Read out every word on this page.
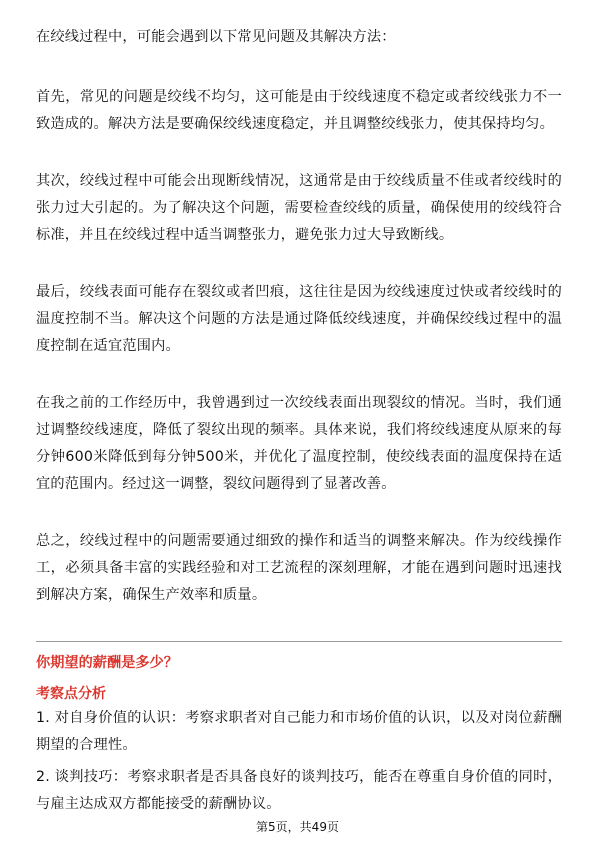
在绞线过程中，可能会遇到以下常见问题及其解决方法：

首先，常见的问题是绞线不均匀，这可能是由于绞线速度不稳定或者绞线张力不一致造成的。解决方法是要确保绞线速度稳定，并且调整绞线张力，使其保持均匀。

其次，绞线过程中可能会出现断线情况，这通常是由于绞线质量不佳或者绞线时的张力过大引起的。为了解决这个问题，需要检查绞线的质量，确保使用的绞线符合标准，并且在绞线过程中适当调整张力，避免张力过大导致断线。

最后，绞线表面可能存在裂纹或者凹痕，这往往是因为绞线速度过快或者绞线时的温度控制不当。解决这个问题的方法是通过降低绞线速度，并确保绞线过程中的温度控制在适宜范围内。

在我之前的工作经历中，我曾遇到过一次绞线表面出现裂纹的情况。当时，我们通过调整绞线速度，降低了裂纹出现的频率。具体来说，我们将绞线速度从原来的每分钟600米降低到每分钟500米，并优化了温度控制，使绞线表面的温度保持在适宜的范围内。经过这一调整，裂纹问题得到了显著改善。

总之，绞线过程中的问题需要通过细致的操作和适当的调整来解决。作为绞线操作工，必须具备丰富的实践经验和对工艺流程的深刻理解，才能在遇到问题时迅速找到解决方案，确保生产效率和质量。

你期望的薪酬是多少？

考察点分析

1. 对自身价值的认识：考察求职者对自己能力和市场价值的认识，以及对岗位薪酬期望的合理性。

2. 谈判技巧：考察求职者是否具备良好的谈判技巧，能否在尊重自身价值的同时，与雇主达成双方都能接受的薪酬协议。

第5页，共49页
